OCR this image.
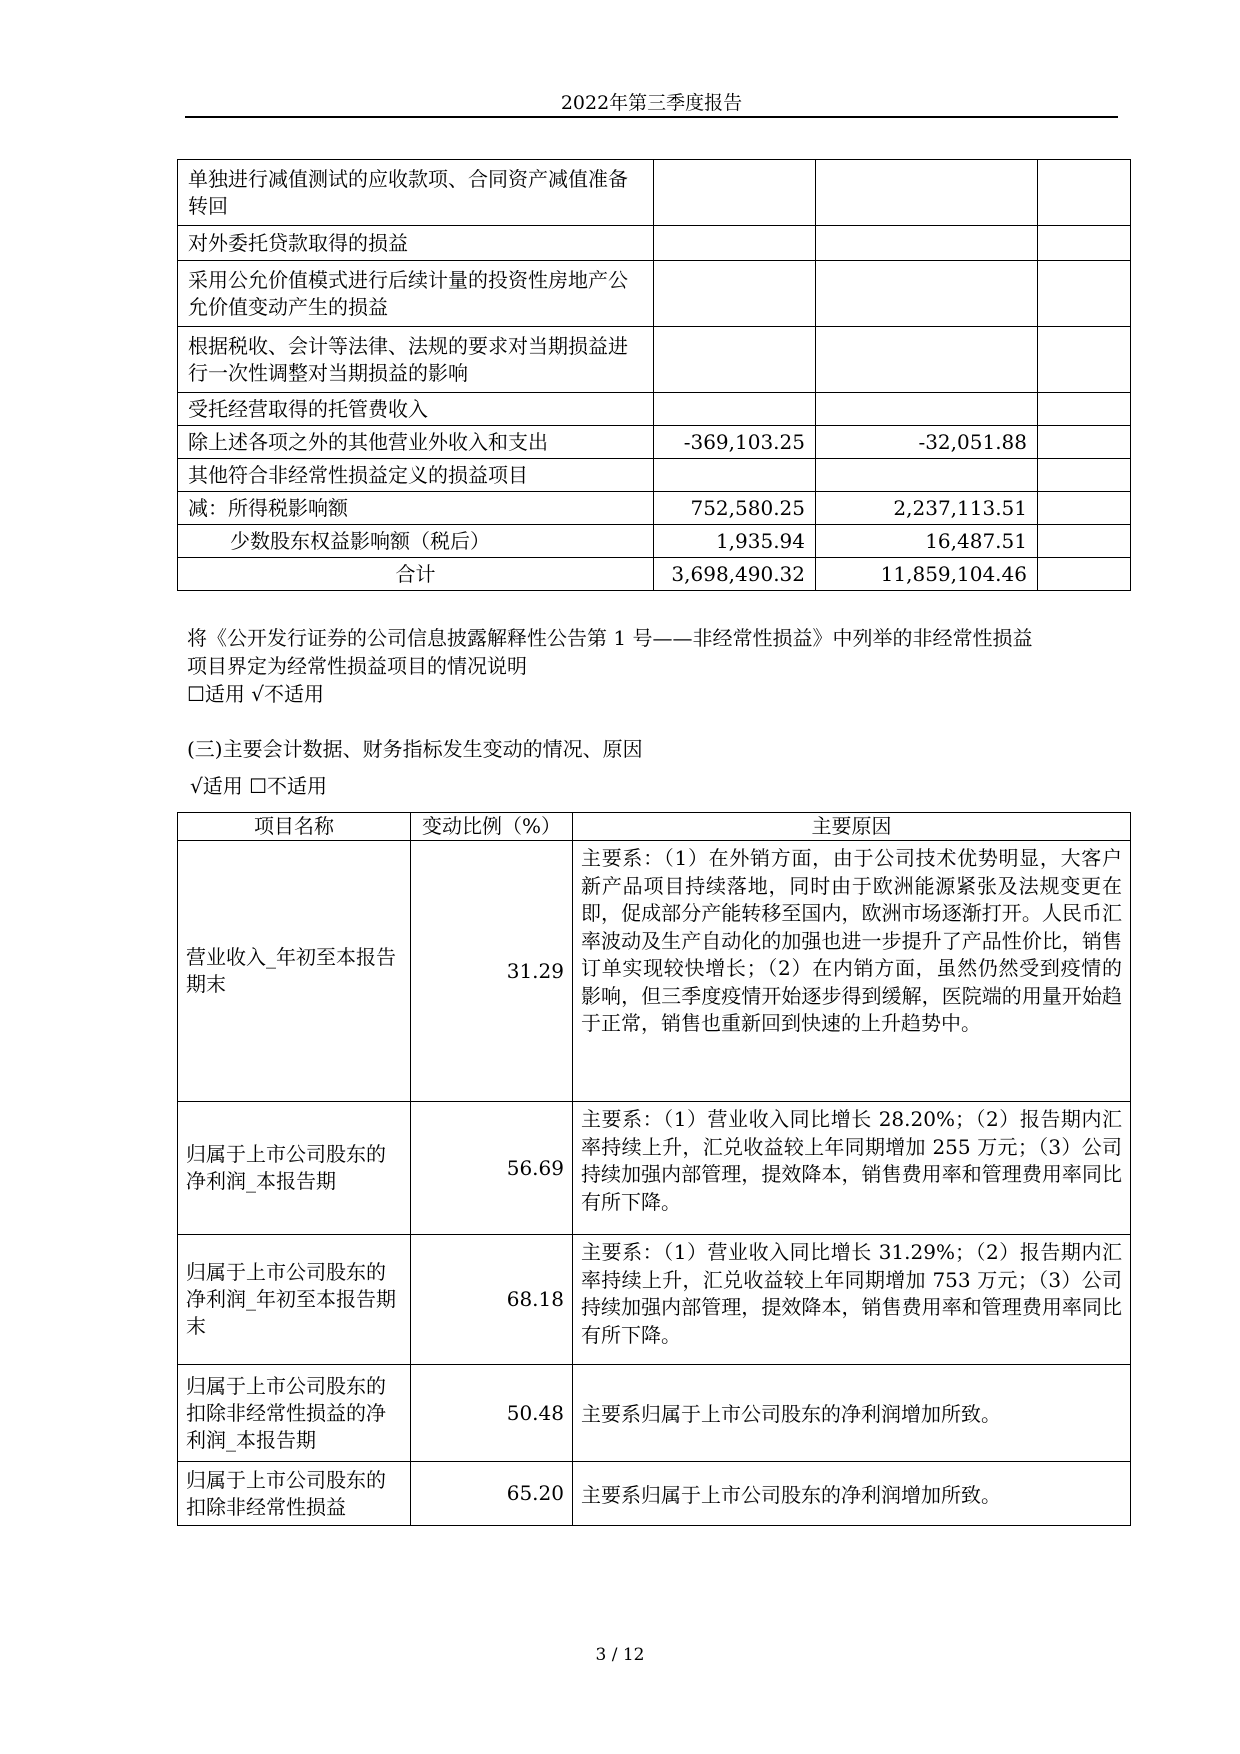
2022年第三季度报告
单独进行减值测试的应收款项、合同资产减值准备转回			
对外委托贷款取得的损益			
采用公允价值模式进行后续计量的投资性房地产公允价值变动产生的损益			
根据税收、会计等法律、法规的要求对当期损益进行一次性调整对当期损益的影响			
受托经营取得的托管费收入			
除上述各项之外的其他营业外收入和支出	-369,103.25	-32,051.88	
其他符合非经常性损益定义的损益项目			
减：所得税影响额	752,580.25	2,237,113.51	
少数股东权益影响额（税后）	1,935.94	16,487.51	
合计	3,698,490.32	11,859,104.46	
将《公开发行证券的公司信息披露解释性公告第 1 号——非经常性损益》中列举的非经常性损益
项目界定为经常性损益项目的情况说明
☐适用 √不适用
(三)主要会计数据、财务指标发生变动的情况、原因
√适用 ☐不适用
项目名称	变动比例（%）	主要原因
营业收入_年初至本报告期末	31.29	主要系：（1）在外销方面，由于公司技术优势明显，大客户新产品项目持续落地，同时由于欧洲能源紧张及法规变更在即，促成部分产能转移至国内，欧洲市场逐渐打开。人民币汇率波动及生产自动化的加强也进一步提升了产品性价比，销售订单实现较快增长；（2）在内销方面，虽然仍然受到疫情的影响，但三季度疫情开始逐步得到缓解，医院端的用量开始趋于正常，销售也重新回到快速的上升趋势中。
归属于上市公司股东的净利润_本报告期	56.69	主要系：（1）营业收入同比增长 28.20%；（2）报告期内汇率持续上升，汇兑收益较上年同期增加 255 万元；（3）公司持续加强内部管理，提效降本，销售费用率和管理费用率同比有所下降。
归属于上市公司股东的净利润_年初至本报告期末	68.18	主要系：（1）营业收入同比增长 31.29%；（2）报告期内汇率持续上升，汇兑收益较上年同期增加 753 万元；（3）公司持续加强内部管理，提效降本，销售费用率和管理费用率同比有所下降。
归属于上市公司股东的扣除非经常性损益的净利润_本报告期	50.48	主要系归属于上市公司股东的净利润增加所致。
归属于上市公司股东的扣除非经常性损益	65.20	主要系归属于上市公司股东的净利润增加所致。
3 / 12
